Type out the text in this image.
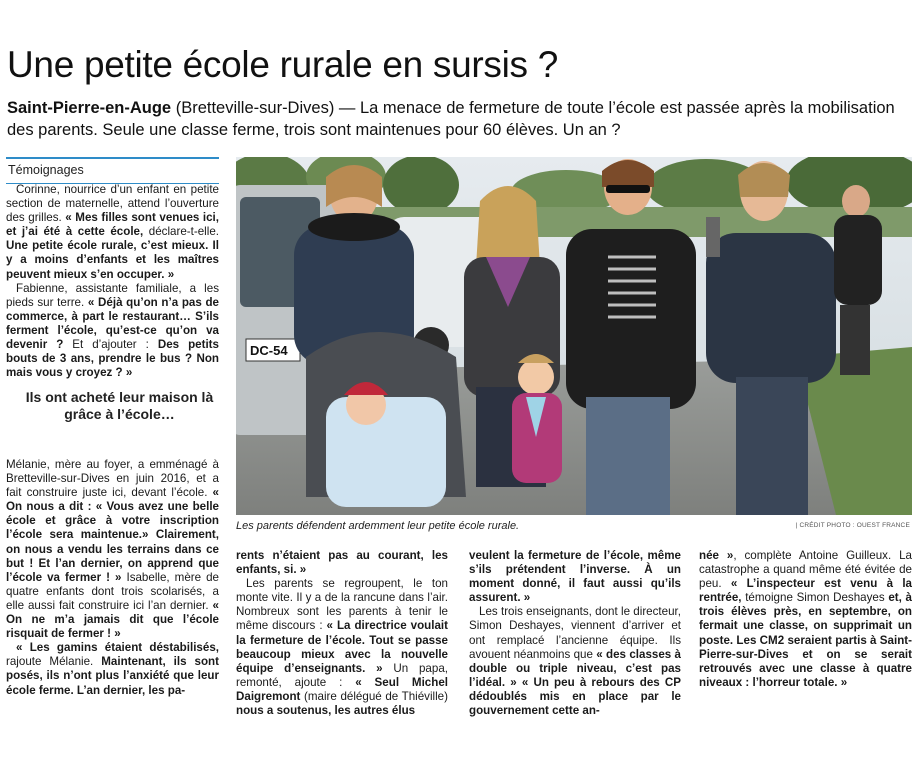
Une petite école rurale en sursis ?

Saint-Pierre-en-Auge (Bretteville-sur-Dives) — La menace de fermeture de toute l’école est passée après la mobilisation des parents. Seule une classe ferme, trois sont maintenues pour 60 élèves. Un an ?

Témoignages

Corinne, nourrice d’un enfant en petite section de maternelle, attend l’ouverture des grilles. « Mes filles sont venues ici, et j’ai été à cette école, déclare-t-elle. Une petite école rurale, c’est mieux. Il y a moins d’enfants et les maîtres peuvent mieux s’en occuper. »

Fabienne, assistante familiale, a les pieds sur terre. « Déjà qu’on n’a pas de commerce, à part le restaurant… S’ils ferment l’école, qu’est-ce qu’on va devenir ? Et d’ajouter : Des petits bouts de 3 ans, prendre le bus ? Non mais vous y croyez ? »

Ils ont acheté leur maison là grâce à l’école…

Mélanie, mère au foyer, a emménagé à Bretteville-sur-Dives en juin 2016, et a fait construire juste ici, devant l’école. « On nous a dit : « Vous avez une belle école et grâce à votre inscription l’école sera maintenue.» Clairement, on nous a vendu les terrains dans ce but ! Et l’an dernier, on apprend que l’école va fermer ! » Isabelle, mère de quatre enfants dont trois scolarisés, a elle aussi fait construire ici l’an dernier. « On ne m’a jamais dit que l’école risquait de fermer ! »

« Les gamins étaient déstabilisés, rajoute Mélanie. Maintenant, ils sont posés, ils n’ont plus l’anxiété que leur école ferme. L’an dernier, les pa-

DC-54
Les parents défendent ardemment leur petite école rurale.	| CRÉDIT PHOTO : OUEST FRANCE

rents n’étaient pas au courant, les enfants, si. »

Les parents se regroupent, le ton monte vite. Il y a de la rancune dans l’air. Nombreux sont les parents à tenir le même discours : « La directrice voulait la fermeture de l’école. Tout se passe beaucoup mieux avec la nouvelle équipe d’enseignants. » Un papa, remonté, ajoute : « Seul Michel Daigremont (maire délégué de Thiéville) nous a soutenus, les autres élus

veulent la fermeture de l’école, même s’ils prétendent l’inverse. À un moment donné, il faut aussi qu’ils assurent. »

Les trois enseignants, dont le directeur, Simon Deshayes, viennent d’arriver et ont remplacé l’ancienne équipe. Ils avouent néanmoins que « des classes à double ou triple niveau, c’est pas l’idéal. » « Un peu à rebours des CP dédoublés mis en place par le gouvernement cette an-

née », complète Antoine Guilleux. La catastrophe a quand même été évitée de peu. « L’inspecteur est venu à la rentrée, témoigne Simon Deshayes et, à trois élèves près, en septembre, on fermait une classe, on supprimait un poste. Les CM2 seraient partis à Saint-Pierre-sur-Dives et on se serait retrouvés avec une classe à quatre niveaux : l’horreur totale. »
